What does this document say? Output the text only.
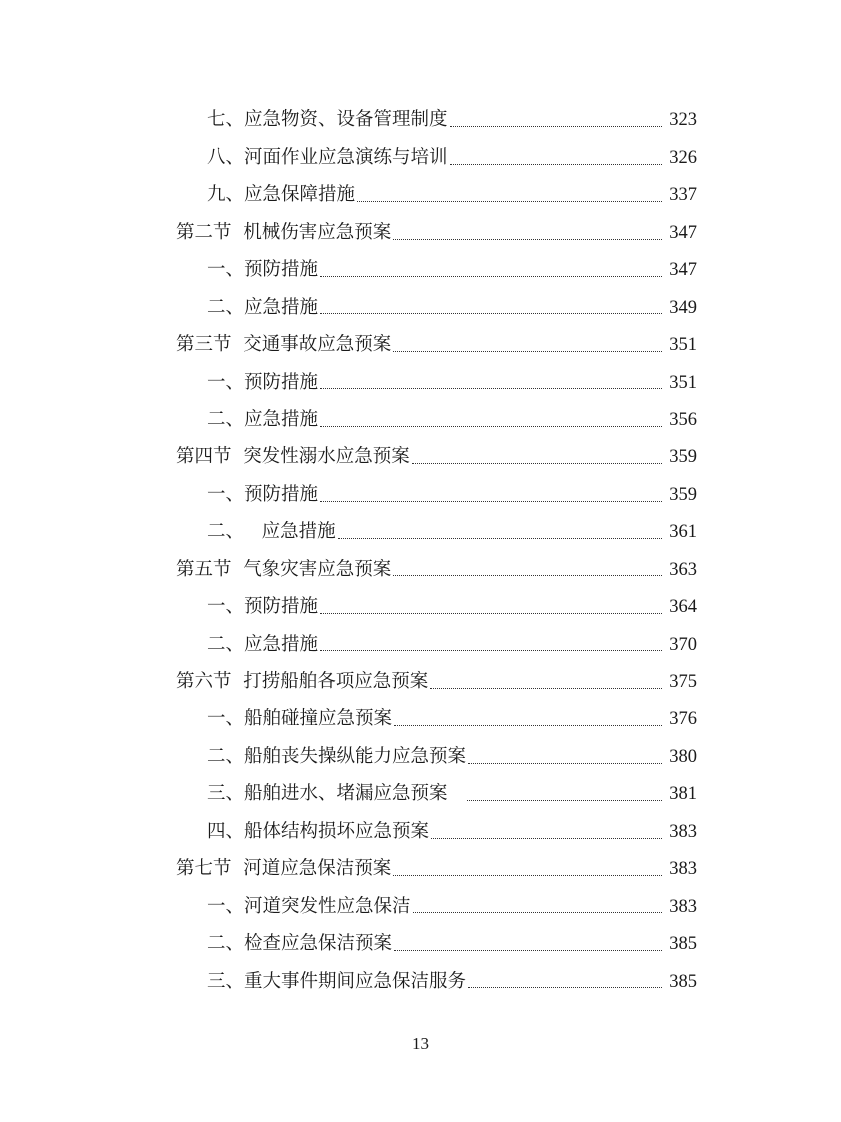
七、应急物资、设备管理制度	323
八、河面作业应急演练与培训	326
九、应急保障措施	337
第二节  机械伤害应急预案	347
一、预防措施	347
二、应急措施	349
第三节  交通事故应急预案	351
一、预防措施	351
二、应急措施	356
第四节  突发性溺水应急预案	359
一、预防措施	359
二、   应急措施	361
第五节  气象灾害应急预案	363
一、预防措施	364
二、应急措施	370
第六节  打捞船舶各项应急预案	375
一、船舶碰撞应急预案	376
二、船舶丧失操纵能力应急预案	380
三、船舶进水、堵漏应急预案	381
四、船体结构损坏应急预案	383
第七节  河道应急保洁预案	383
一、河道突发性应急保洁	383
二、检查应急保洁预案	385
三、重大事件期间应急保洁服务	385
13
